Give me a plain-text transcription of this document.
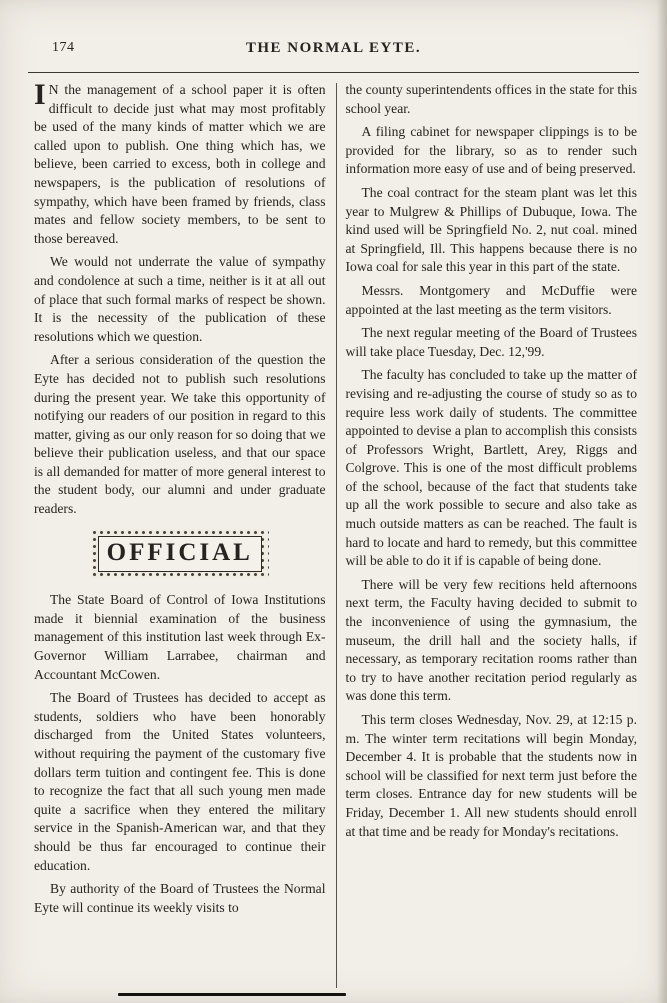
174	THE NORMAL EYTE.

IN the management of a school paper it is often difficult to decide just what may most profitably be used of the many kinds of matter which we are called upon to publish. One thing which has, we believe, been carried to excess, both in college and newspapers, is the publication of resolutions of sympathy, which have been framed by friends, class mates and fellow society members, to be sent to those bereaved.

We would not underrate the value of sympathy and condolence at such a time, neither is it at all out of place that such formal marks of respect be shown. It is the necessity of the publication of these resolutions which we question.

After a serious consideration of the question the Eyte has decided not to publish such resolutions during the present year. We take this opportunity of notifying our readers of our position in regard to this matter, giving as our only reason for so doing that we believe their publication useless, and that our space is all demanded for matter of more general interest to the student body, our alumni and under graduate readers.

OFFICIAL

The State Board of Control of Iowa Institutions made it biennial examination of the business management of this institution last week through Ex-Governor William Larrabee, chairman and Accountant McCowen.

The Board of Trustees has decided to accept as students, soldiers who have been honorably discharged from the United States volunteers, without requiring the payment of the customary five dollars term tuition and contingent fee. This is done to recognize the fact that all such young men made quite a sacrifice when they entered the military service in the Spanish-American war, and that they should be thus far encouraged to continue their education.

By authority of the Board of Trustees the Normal Eyte will continue its weekly visits to

the county superintendents offices in the state for this school year.

A filing cabinet for newspaper clippings is to be provided for the library, so as to render such information more easy of use and of being preserved.

The coal contract for the steam plant was let this year to Mulgrew & Phillips of Dubuque, Iowa. The kind used will be Springfield No. 2, nut coal. mined at Springfield, Ill. This happens because there is no Iowa coal for sale this year in this part of the state.

Messrs. Montgomery and McDuffie were appointed at the last meeting as the term visitors.

The next regular meeting of the Board of Trustees will take place Tuesday, Dec. 12,'99.

The faculty has concluded to take up the matter of revising and re-adjusting the course of study so as to require less work daily of students. The committee appointed to devise a plan to accomplish this consists of Professors Wright, Bartlett, Arey, Riggs and Colgrove. This is one of the most difficult problems of the school, because of the fact that students take up all the work possible to secure and also take as much outside matters as can be reached. The fault is hard to locate and hard to remedy, but this committee will be able to do it if is capable of being done.

There will be very few recitions held afternoons next term, the Faculty having decided to submit to the inconvenience of using the gymnasium, the museum, the drill hall and the society halls, if necessary, as temporary recitation rooms rather than to try to have another recitation period regularly as was done this term.

This term closes Wednesday, Nov. 29, at 12:15 p. m. The winter term recitations will begin Monday, December 4. It is probable that the students now in school will be classified for next term just before the term closes. Entrance day for new students will be Friday, December 1. All new students should enroll at that time and be ready for Monday's recitations.
